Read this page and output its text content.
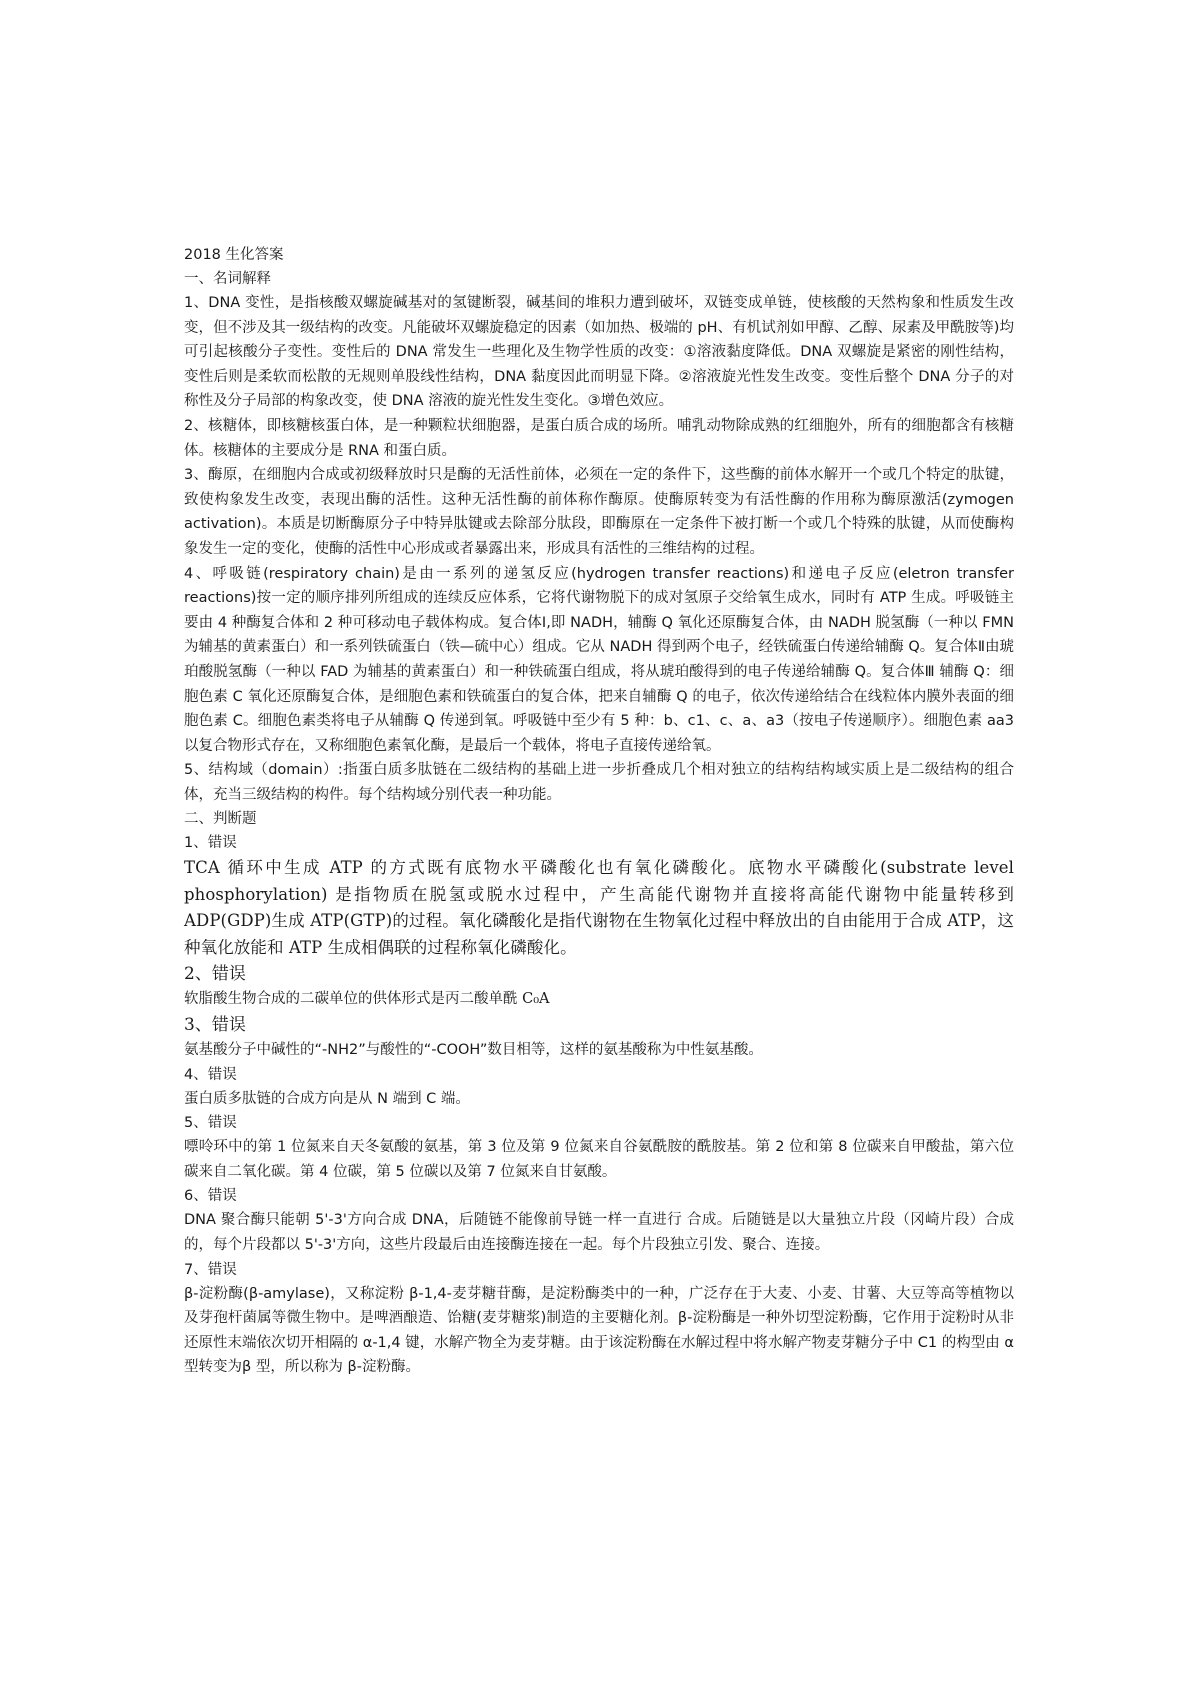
2018 生化答案
一、名词解释
1、DNA 变性，是指核酸双螺旋碱基对的氢键断裂，碱基间的堆积力遭到破坏，双链变成单链，使核酸的天然构象和性质发生改变，但不涉及其一级结构的改变。凡能破坏双螺旋稳定的因素（如加热、极端的 pH、有机试剂如甲醇、乙醇、尿素及甲酰胺等)均可引起核酸分子变性。变性后的 DNA 常发生一些理化及生物学性质的改变：①溶液黏度降低。DNA 双螺旋是紧密的刚性结构，变性后则是柔软而松散的无规则单股线性结构，DNA 黏度因此而明显下降。②溶液旋光性发生改变。变性后整个 DNA 分子的对称性及分子局部的构象改变，使 DNA 溶液的旋光性发生变化。③增色效应。
2、核糖体，即核糖核蛋白体，是一种颗粒状细胞器，是蛋白质合成的场所。哺乳动物除成熟的红细胞外，所有的细胞都含有核糖体。核糖体的主要成分是 RNA 和蛋白质。
3、酶原，在细胞内合成或初级释放时只是酶的无活性前体，必须在一定的条件下，这些酶的前体水解开一个或几个特定的肽键，致使构象发生改变，表现出酶的活性。这种无活性酶的前体称作酶原。使酶原转变为有活性酶的作用称为酶原激活(zymogen activation)。本质是切断酶原分子中特异肽键或去除部分肽段，即酶原在一定条件下被打断一个或几个特殊的肽键，从而使酶构象发生一定的变化，使酶的活性中心形成或者暴露出来，形成具有活性的三维结构的过程。
4、呼吸链(respiratory chain)是由一系列的递氢反应(hydrogen transfer reactions)和递电子反应(eletron transfer reactions)按一定的顺序排列所组成的连续反应体系，它将代谢物脱下的成对氢原子交给氧生成水，同时有 ATP 生成。呼吸链主要由 4 种酶复合体和 2 种可移动电子载体构成。复合体Ⅰ,即 NADH，辅酶 Q 氧化还原酶复合体，由 NADH 脱氢酶（一种以 FMN 为辅基的黄素蛋白）和一系列铁硫蛋白（铁—硫中心）组成。它从 NADH 得到两个电子，经铁硫蛋白传递给辅酶 Q。复合体Ⅱ由琥珀酸脱氢酶（一种以 FAD 为辅基的黄素蛋白）和一种铁硫蛋白组成，将从琥珀酸得到的电子传递给辅酶 Q。复合体Ⅲ 辅酶 Q：细胞色素 C 氧化还原酶复合体，是细胞色素和铁硫蛋白的复合体，把来自辅酶 Q 的电子，依次传递给结合在线粒体内膜外表面的细胞色素 C。细胞色素类将电子从辅酶 Q 传递到氧。呼吸链中至少有 5 种：b、c1、c、a、a3（按电子传递顺序）。细胞色素 aa3 以复合物形式存在，又称细胞色素氧化酶，是最后一个载体，将电子直接传递给氧。
5、结构域（domain）:指蛋白质多肽链在二级结构的基础上进一步折叠成几个相对独立的结构结构域实质上是二级结构的组合体，充当三级结构的构件。每个结构域分别代表一种功能。
二、判断题
1、错误
TCA 循环中生成 ATP 的方式既有底物水平磷酸化也有氧化磷酸化。底物水平磷酸化(substrate level phosphorylation) 是指物质在脱氢或脱水过程中，产生高能代谢物并直接将高能代谢物中能量转移到 ADP(GDP)生成 ATP(GTP)的过程。氧化磷酸化是指代谢物在生物氧化过程中释放出的自由能用于合成 ATP，这种氧化放能和 ATP 生成相偶联的过程称氧化磷酸化。
2、错误
软脂酸生物合成的二碳单位的供体形式是丙二酸单酰 C₀A
3、错误
氨基酸分子中碱性的“-NH2”与酸性的“-COOH”数目相等，这样的氨基酸称为中性氨基酸。
4、错误
蛋白质多肽链的合成方向是从 N 端到 C 端。
5、错误
嘌呤环中的第 1 位氮来自天冬氨酸的氨基，第 3 位及第 9 位氮来自谷氨酰胺的酰胺基。第 2 位和第 8 位碳来自甲酸盐，第六位碳来自二氧化碳。第 4 位碳，第 5 位碳以及第 7 位氮来自甘氨酸。
6、错误
DNA 聚合酶只能朝 5'-3'方向合成 DNA，后随链不能像前导链一样一直进行 合成。后随链是以大量独立片段（冈崎片段）合成的，每个片段都以 5'-3'方向，这些片段最后由连接酶连接在一起。每个片段独立引发、聚合、连接。
7、错误
β-淀粉酶(β-amylase)，又称淀粉 β-1,4-麦芽糖苷酶，是淀粉酶类中的一种，广泛存在于大麦、小麦、甘薯、大豆等高等植物以及芽孢杆菌属等微生物中。是啤酒酿造、饴糖(麦芽糖浆)制造的主要糖化剂。β-淀粉酶是一种外切型淀粉酶，它作用于淀粉时从非还原性末端依次切开相隔的 α-1,4 键，水解产物全为麦芽糖。由于该淀粉酶在水解过程中将水解产物麦芽糖分子中 C1 的构型由 α 型转变为β 型，所以称为 β-淀粉酶。
